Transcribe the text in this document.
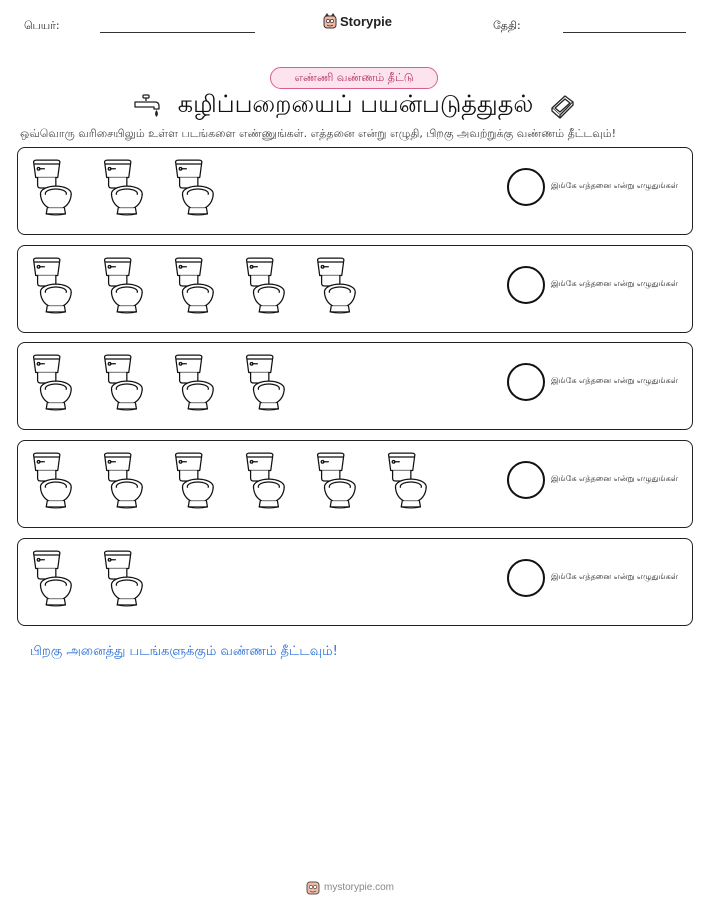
பெயர்:	Storypie	தேதி:
எண்ணி வண்ணம் தீட்டு
கழிப்பறையைப் பயன்படுத்துதல்
ஒவ்வொரு வரிசையிலும் உள்ள படங்களை எண்ணுங்கள். எத்தனை என்று எழுதி, பிறகு அவற்றுக்கு வண்ணம் தீட்டவும்!
இங்கே எத்தனை என்று எழுதுங்கள்
இங்கே எத்தனை என்று எழுதுங்கள்
இங்கே எத்தனை என்று எழுதுங்கள்
இங்கே எத்தனை என்று எழுதுங்கள்
இங்கே எத்தனை என்று எழுதுங்கள்
பிறகு அனைத்து படங்களுக்கும் வண்ணம் தீட்டவும்!
mystorypie.com
